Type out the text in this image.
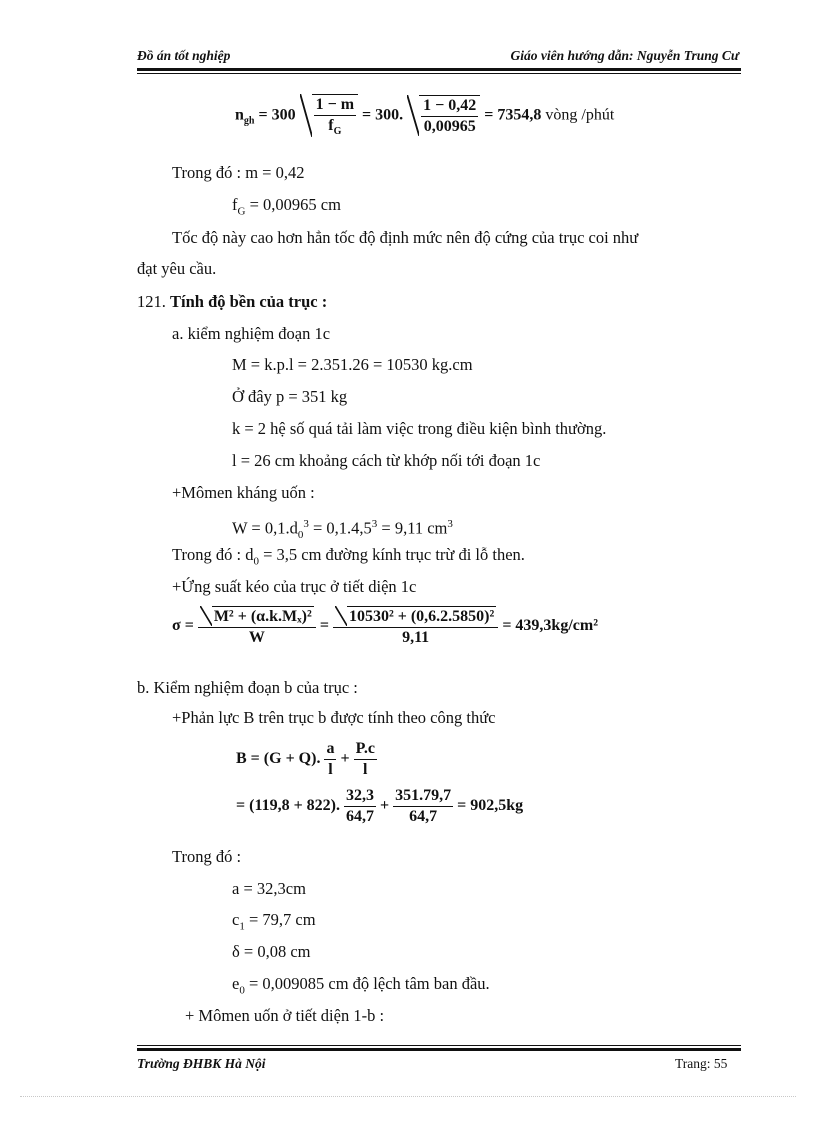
Đồ án tốt nghiệp	Giáo viên hướng dẫn: Nguyễn Trung Cư
$n_{gh} = 300 \frac{1 - m}{f_G} = 300$. $\frac{1 - 0,42}{0,00965} = 7354,8$ vòng /phút
Trong đó : m = 0,42
$f_G = 0,00965$ cm
Tốc độ này cao hơn hẳn tốc độ định mức nên độ cứng của trục coi như
đạt yêu cầu.
121. Tính độ bền của trục :
a. kiểm nghiệm đoạn 1c
M = k.p.l = 2.351.26 = 10530 kg.cm
Ở đây p = 351 kg
k = 2 hệ số quá tải làm việc trong điều kiện bình thường.
l = 26 cm khoảng cách từ khớp nối tới đoạn 1c
+Mômen kháng uốn :
$W = 0,1.d_0^3 = 0,1.4,5^3 = 9,11$ $cm^3$
Trong đó : $d_0 = 3,5$ cm đường kính trục trừ đi lỗ then.
+Ứng suất kéo của trục ở tiết diện 1c
$\sigma = \frac{\text{M² + (α.k.Mₓ)²}}{W} = \frac{\text{10530² + (0,6.2.5850)²}}{9,11} = 439,3kg/cm^2$
b. Kiểm nghiệm đoạn b của trục :
+Phản lực B trên trục b được tính theo công thức
B = (G + Q). $\frac{a}{l} + \frac{P.c}{l}$
= (119,8 + 822). $\frac{32,3}{64,7} + \frac{351.79,7}{64,7} = 902,5kg$
Trong đó :
a = 32,3cm
$c_1 = 79,7$ cm
δ = 0,08 cm
$e_0 = 0,009085$ cm độ lệch tâm ban đầu.
+ Mômen uốn ở tiết diện 1-b :
Trường ĐHBK Hà Nội	Trang: 55
